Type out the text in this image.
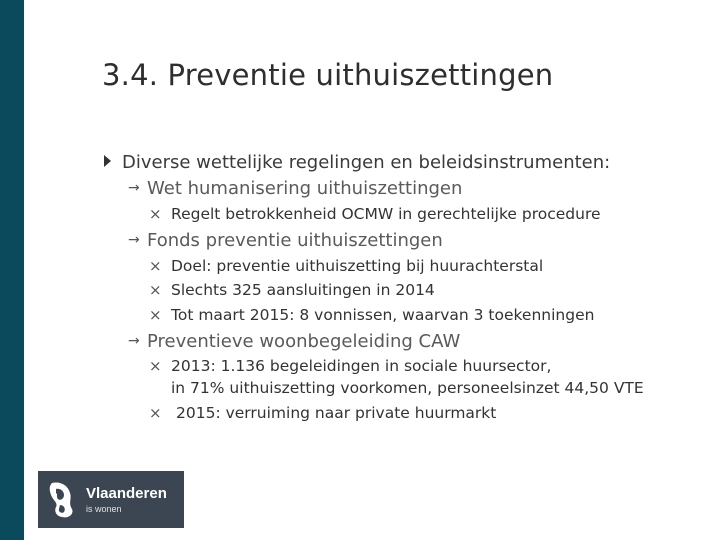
3.4. Preventie uithuiszettingen
Diverse wettelijke regelingen en beleidsinstrumenten:
→ Wet humanisering uithuiszettingen
× Regelt betrokkenheid OCMW in gerechtelijke procedure
→ Fonds preventie uithuiszettingen
× Doel: preventie uithuiszetting bij huurachterstal
× Slechts 325 aansluitingen in 2014
× Tot maart 2015: 8 vonnissen, waarvan 3 toekenningen
→ Preventieve woonbegeleiding CAW
× 2013: 1.136 begeleidingen in sociale huursector,
in 71% uithuiszetting voorkomen, personeelsinzet 44,50 VTE
× 2015: verruiming naar private huurmarkt
Vlaanderen
is wonen
